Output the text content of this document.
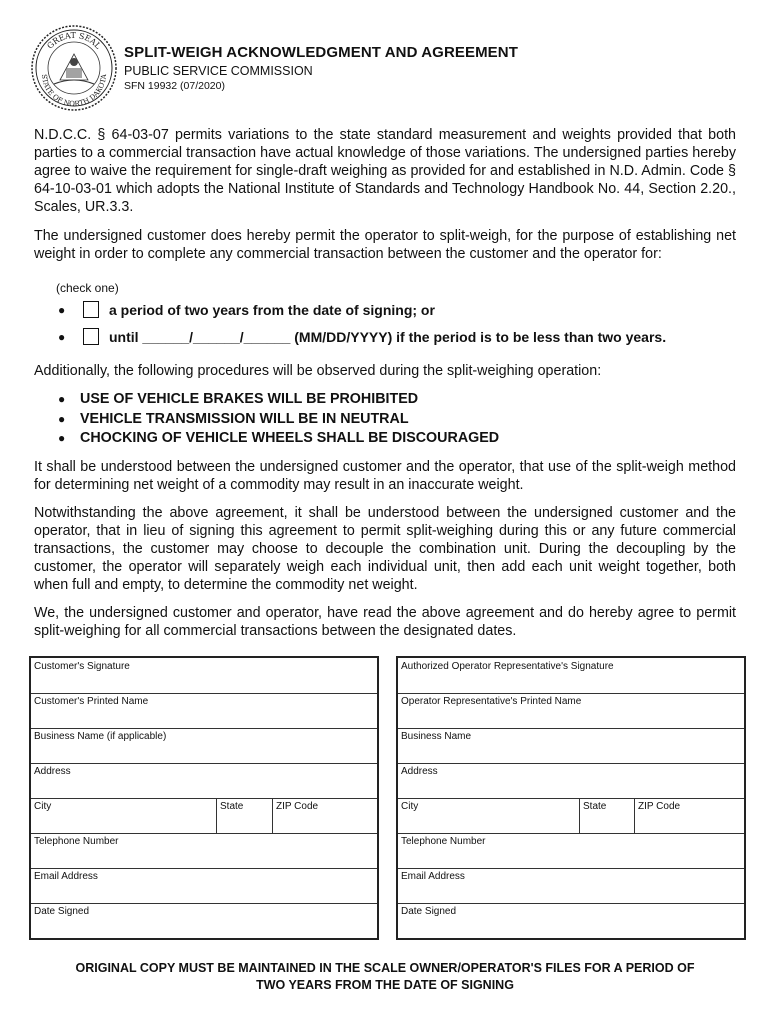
GREAT SEAL
STATE OF NORTH DAKOTA
SPLIT-WEIGH ACKNOWLEDGMENT AND AGREEMENT
PUBLIC SERVICE COMMISSION
SFN 19932 (07/2020)
N.D.C.C. § 64-03-07 permits variations to the state standard measurement and weights provided that both parties to a commercial transaction have actual knowledge of those variations. The undersigned parties hereby agree to waive the requirement for single-draft weighing as provided for and established in N.D. Admin. Code § 64-10-03-01 which adopts the National Institute of Standards and Technology Handbook No. 44, Section 2.20., Scales, UR.3.3.
The undersigned customer does hereby permit the operator to split-weigh, for the purpose of establishing net weight in order to complete any commercial transaction between the customer and the operator for:
(check one)
●	a period of two years from the date of signing; or
●	until ______/______/______ (MM/DD/YYYY) if the period is to be less than two years.
Additionally, the following procedures will be observed during the split-weighing operation:
●	USE OF VEHICLE BRAKES WILL BE PROHIBITED
●	VEHICLE TRANSMISSION WILL BE IN NEUTRAL
●	CHOCKING OF VEHICLE WHEELS SHALL BE DISCOURAGED
It shall be understood between the undersigned customer and the operator, that use of the split-weigh method for determining net weight of a commodity may result in an inaccurate weight.
Notwithstanding the above agreement, it shall be understood between the undersigned customer and the operator, that in lieu of signing this agreement to permit split-weighing during this or any future commercial transactions, the customer may choose to decouple the combination unit. During the decoupling by the customer, the operator will separately weigh each individual unit, then add each unit weight together, both when full and empty, to determine the commodity net weight.
We, the undersigned customer and operator, have read the above agreement and do hereby agree to permit split-weighing for all commercial transactions between the designated dates.
Customer's Signature
Customer's Printed Name
Business Name (if applicable)
Address
City	State	ZIP Code
Telephone Number
Email Address
Date Signed
Authorized Operator Representative's Signature
Operator Representative's Printed Name
Business Name
Address
City	State	ZIP Code
Telephone Number
Email Address
Date Signed
ORIGINAL COPY MUST BE MAINTAINED IN THE SCALE OWNER/OPERATOR'S FILES FOR A PERIOD OF
TWO YEARS FROM THE DATE OF SIGNING
